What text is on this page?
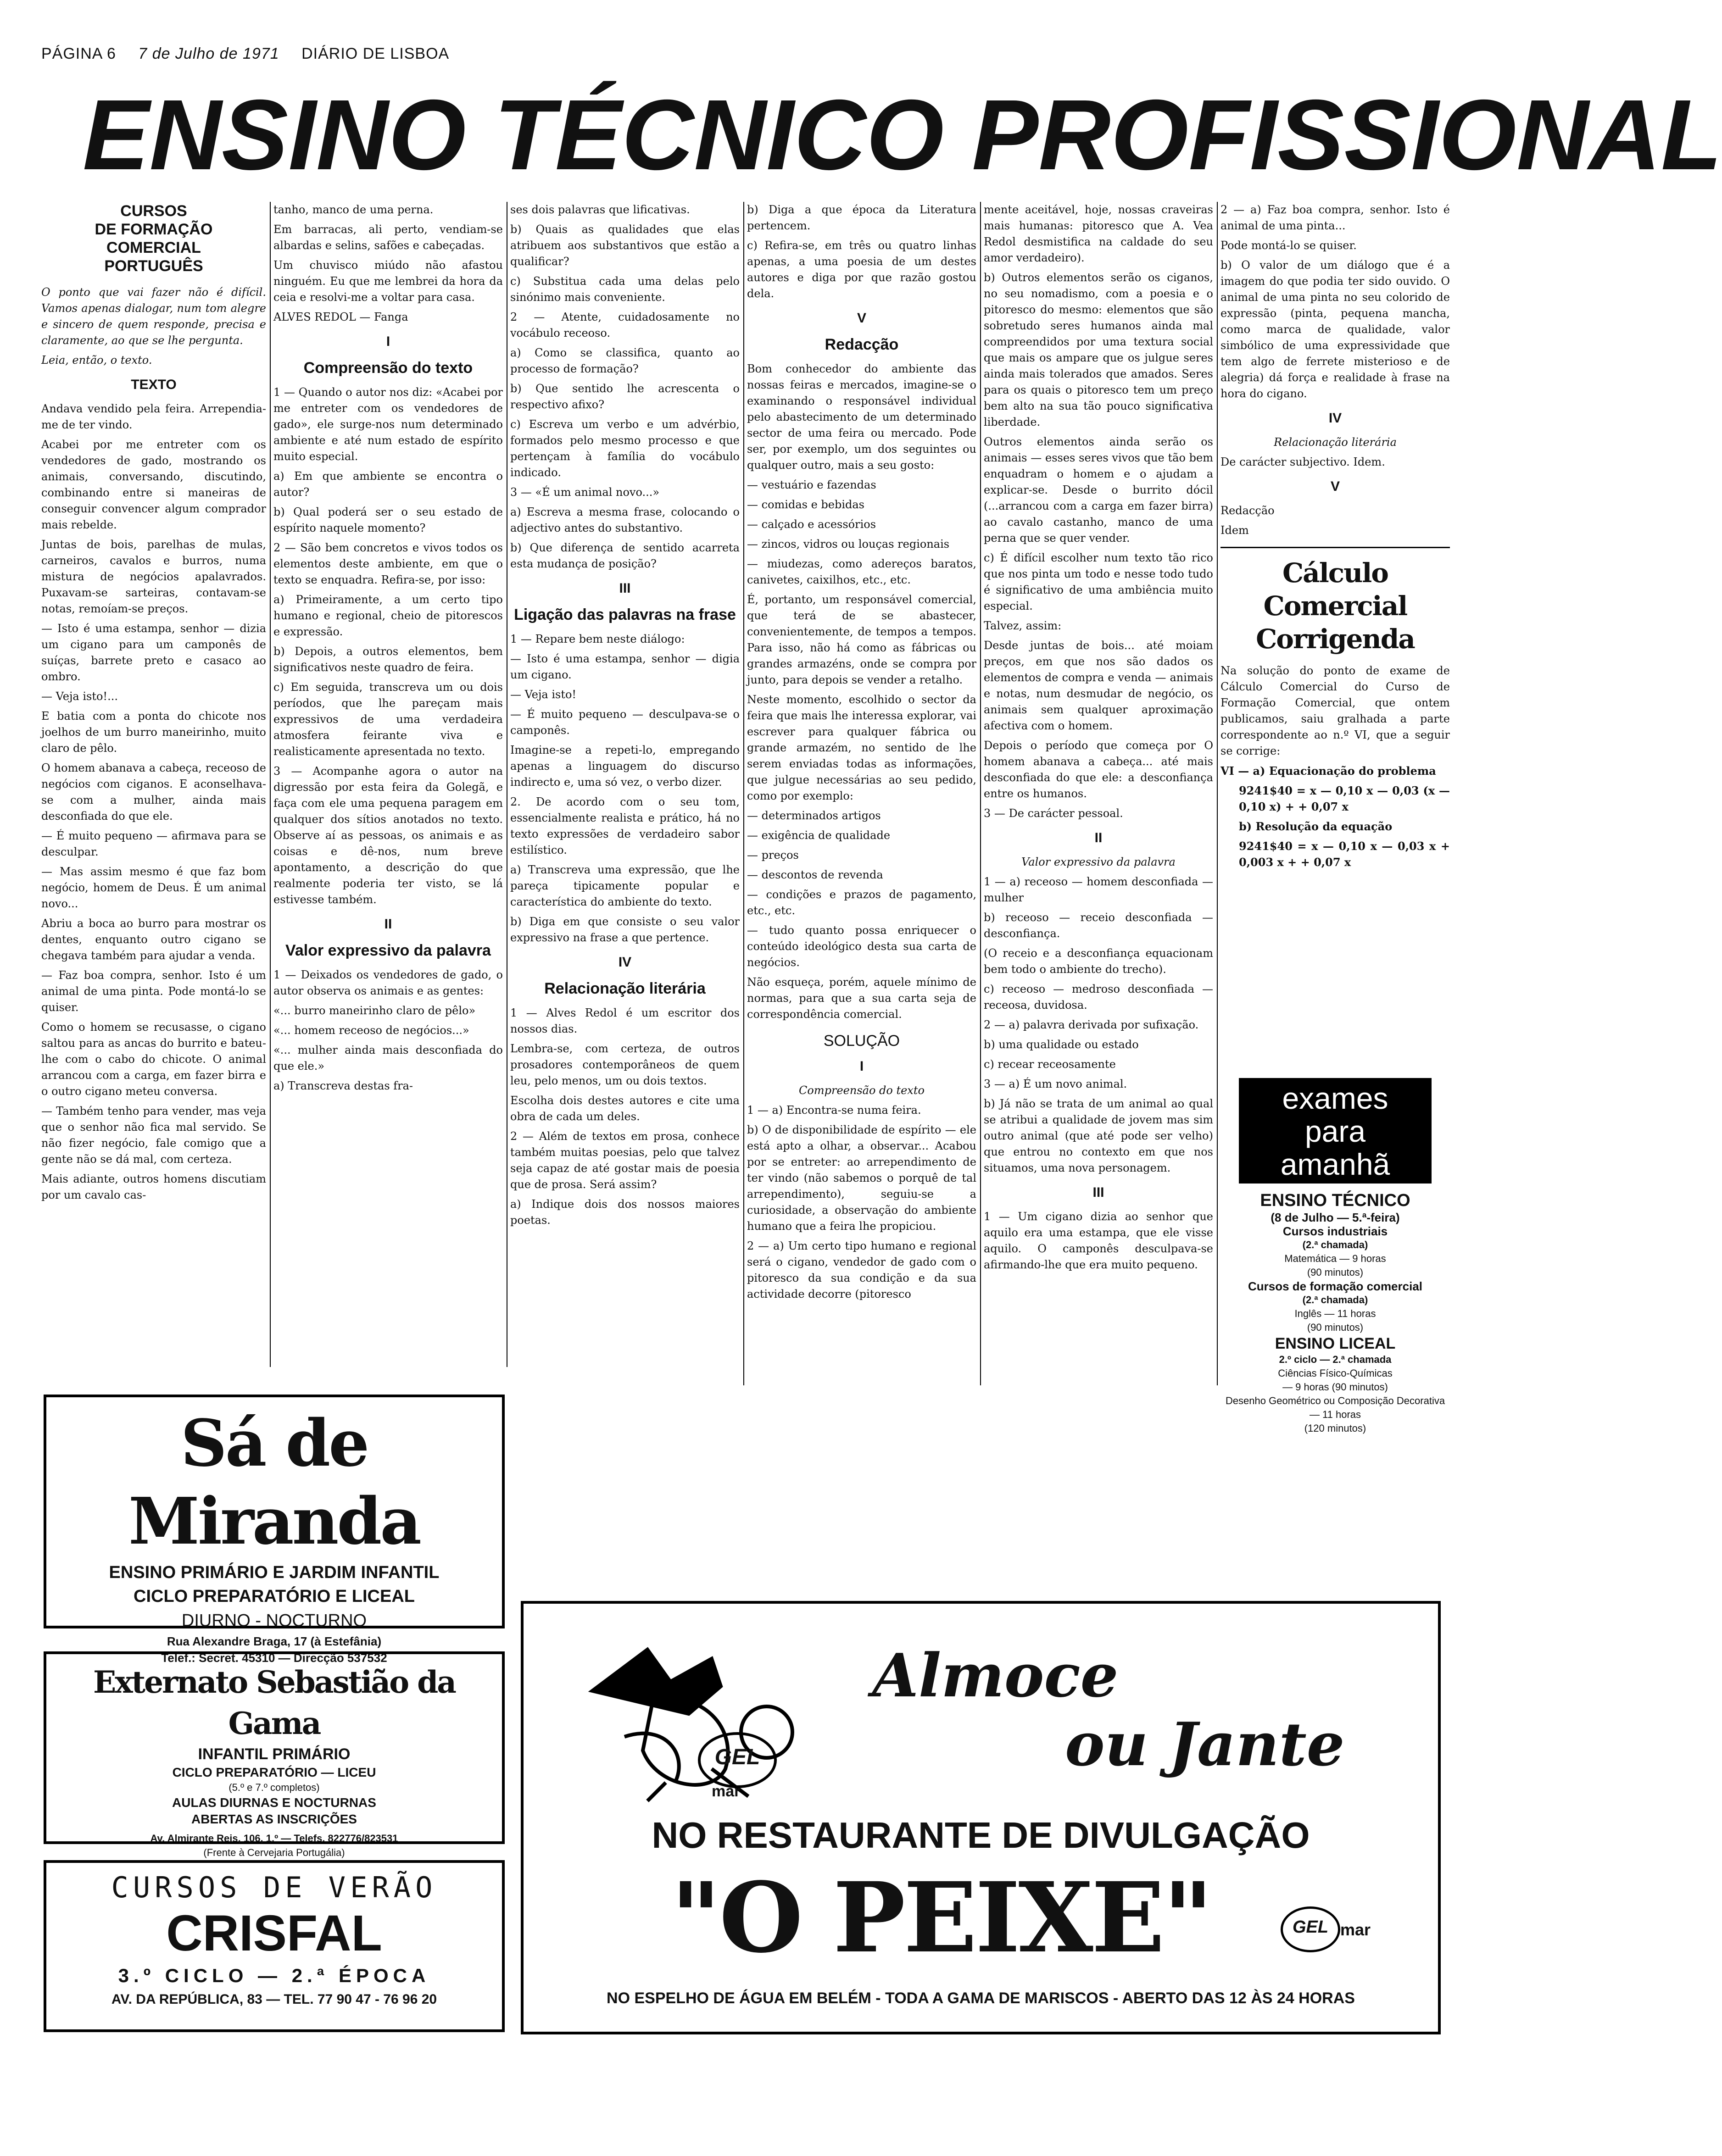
PÁGINA 6 7 de Julho de 1971 DIÁRIO DE LISBOA
ENSINO TÉCNICO PROFISSIONAL
CURSOS
DE FORMAÇÃO
COMERCIAL
PORTUGUÊS

O ponto que vai fazer não é difícil. Vamos apenas dialogar, num tom alegre e sincero de quem responde, precisa e claramente, ao que se lhe pergunta.

Leia, então, o texto.

TEXTO

Andava vendido pela feira. Arrependia-me de ter vindo.

Acabei por me entreter com os vendedores de gado, mostrando os animais, conversando, discutindo, combinando entre si maneiras de conseguir convencer algum comprador mais rebelde.

Juntas de bois, parelhas de mulas, carneiros, cavalos e burros, numa mistura de negócios apalavrados. Puxavam-se sarteiras, contavam-se notas, remoíam-se preços.

— Isto é uma estampa, senhor — dizia um cigano para um camponês de suíças, barrete preto e casaco ao ombro.

— Veja isto!...

E batia com a ponta do chicote nos joelhos de um burro maneirinho, muito claro de pêlo.

O homem abanava a cabeça, receoso de negócios com ciganos. E aconselhava-se com a mulher, ainda mais desconfiada do que ele.

— É muito pequeno — afirmava para se desculpar.

— Mas assim mesmo é que faz bom negócio, homem de Deus. É um animal novo...

Abriu a boca ao burro para mostrar os dentes, enquanto outro cigano se chegava também para ajudar a venda.

— Faz boa compra, senhor. Isto é um animal de uma pinta. Pode montá-lo se quiser.

Como o homem se recusasse, o cigano saltou para as ancas do burrito e bateu-lhe com o cabo do chicote. O animal arrancou com a carga, em fazer birra e o outro cigano meteu conversa.

— Também tenho para vender, mas veja que o senhor não fica mal servido. Se não fizer negócio, fale comigo que a gente não se dá mal, com certeza.

Mais adiante, outros homens discutiam por um cavalo cas-

tanho, manco de uma perna.

Em barracas, ali perto, vendiam-se albardas e selins, safões e cabeçadas.

Um chuvisco miúdo não afastou ninguém. Eu que me lembrei da hora da ceia e resolvi-me a voltar para casa.

ALVES REDOL — Fanga

I
Compreensão do texto

1 — Quando o autor nos diz: «Acabei por me entreter com os vendedores de gado», ele surge-nos num determinado ambiente e até num estado de espírito muito especial.

a) Em que ambiente se encontra o autor?

b) Qual poderá ser o seu estado de espírito naquele momento?

2 — São bem concretos e vivos todos os elementos deste ambiente, em que o texto se enquadra. Refira-se, por isso:

a) Primeiramente, a um certo tipo humano e regional, cheio de pitorescos e expressão.

b) Depois, a outros elementos, bem significativos neste quadro de feira.

c) Em seguida, transcreva um ou dois períodos, que lhe pareçam mais expressivos de uma verdadeira atmosfera feirante viva e realisticamente apresentada no texto.

3 — Acompanhe agora o autor na digressão por esta feira da Golegã, e faça com ele uma pequena paragem em qualquer dos sítios anotados no texto. Observe aí as pessoas, os animais e as coisas e dê-nos, num breve apontamento, a descrição do que realmente poderia ter visto, se lá estivesse também.

II
Valor expressivo da palavra

1 — Deixados os vendedores de gado, o autor observa os animais e as gentes:

«... burro maneirinho claro de pêlo»

«... homem receoso de negócios...»

«... mulher ainda mais desconfiada do que ele.»

a) Transcreva destas fra-

ses dois palavras que lificativas.

b) Quais as qualidades que elas atribuem aos substantivos que estão a qualificar?

c) Substitua cada uma delas pelo sinónimo mais conveniente.

2 — Atente, cuidadosamente no vocábulo receoso.

a) Como se classifica, quanto ao processo de formação?

b) Que sentido lhe acrescenta o respectivo afixo?

c) Escreva um verbo e um advérbio, formados pelo mesmo processo e que pertençam à família do vocábulo indicado.

3 — «É um animal novo...»

a) Escreva a mesma frase, colocando o adjectivo antes do substantivo.

b) Que diferença de sentido acarreta esta mudança de posição?

III
Ligação das palavras na frase

1 — Repare bem neste diálogo:

— Isto é uma estampa, senhor — digia um cigano.

— Veja isto!

— É muito pequeno — desculpava-se o camponês.

Imagine-se a repeti-lo, empregando apenas a linguagem do discurso indirecto e, uma só vez, o verbo dizer.

2. De acordo com o seu tom, essencialmente realista e prático, há no texto expressões de verdadeiro sabor estilístico.

a) Transcreva uma expressão, que lhe pareça tipicamente popular e característica do ambiente do texto.

b) Diga em que consiste o seu valor expressivo na frase a que pertence.

IV
Relacionação literária

1 — Alves Redol é um escritor dos nossos dias.

Lembra-se, com certeza, de outros prosadores contemporâneos de quem leu, pelo menos, um ou dois textos.

Escolha dois destes autores e cite uma obra de cada um deles.

2 — Além de textos em prosa, conhece também muitas poesias, pelo que talvez seja capaz de até gostar mais de poesia que de prosa. Será assim?

a) Indique dois dos nossos maiores poetas.

b) Diga a que época da Literatura pertencem.

c) Refira-se, em três ou quatro linhas apenas, a uma poesia de um destes autores e diga por que razão gostou dela.

V
Redacção

Bom conhecedor do ambiente das nossas feiras e mercados, imagine-se o examinando o responsável individual pelo abastecimento de um determinado sector de uma feira ou mercado. Pode ser, por exemplo, um dos seguintes ou qualquer outro, mais a seu gosto:

— vestuário e fazendas

— comidas e bebidas

— calçado e acessórios

— zincos, vidros ou louças regionais

— miudezas, como adereços baratos, canivetes, caixilhos, etc., etc.

É, portanto, um responsável comercial, que terá de se abastecer, convenientemente, de tempos a tempos. Para isso, não há como as fábricas ou grandes armazéns, onde se compra por junto, para depois se vender a retalho.

Neste momento, escolhido o sector da feira que mais lhe interessa explorar, vai escrever para qualquer fábrica ou grande armazém, no sentido de lhe serem enviadas todas as informações, que julgue necessárias ao seu pedido, como por exemplo:

— determinados artigos

— exigência de qualidade

— preços

— descontos de revenda

— condições e prazos de pagamento, etc., etc.

— tudo quanto possa enriquecer o conteúdo ideológico desta sua carta de negócios.

Não esqueça, porém, aquele mínimo de normas, para que a sua carta seja de correspondência comercial.

SOLUÇÃO
I

Compreensão do texto

1 — a) Encontra-se numa feira.

b) O de disponibilidade de espírito — ele está apto a olhar, a observar... Acabou por se entreter: ao arrependimento de ter vindo (não sabemos o porquê de tal arrependimento), seguiu-se a curiosidade, a observação do ambiente humano que a feira lhe propiciou.

2 — a) Um certo tipo humano e regional será o cigano, vendedor de gado com o pitoresco da sua condição e da sua actividade decorre (pitoresco

mente aceitável, hoje, nossas craveiras mais humanas: pitoresco que A. Vea Redol desmistifica na caldade do seu amor verdadeiro).

b) Outros elementos serão os ciganos, no seu nomadismo, com a poesia e o pitoresco do mesmo: elementos que são sobretudo seres humanos ainda mal compreendidos por uma textura social que mais os ampare que os julgue seres ainda mais tolerados que amados. Seres para os quais o pitoresco tem um preço bem alto na sua tão pouco significativa liberdade.

Outros elementos ainda serão os animais — esses seres vivos que tão bem enquadram o homem e o ajudam a explicar-se. Desde o burrito dócil (...arrancou com a carga em fazer birra) ao cavalo castanho, manco de uma perna que se quer vender.

c) É difícil escolher num texto tão rico que nos pinta um todo e nesse todo tudo é significativo de uma ambiência muito especial.

Talvez, assim:

Desde juntas de bois... até moiam preços, em que nos são dados os elementos de compra e venda — animais e notas, num desmudar de negócio, os animais sem qualquer aproximação afectiva com o homem.

Depois o período que começa por O homem abanava a cabeça... até mais desconfiada do que ele: a desconfiança entre os humanos.

3 — De carácter pessoal.

II

Valor expressivo da palavra

1 — a) receoso — homem desconfiada — mulher

b) receoso — receio desconfiada — desconfiança.

(O receio e a desconfiança equacionam bem todo o ambiente do trecho).

c) receoso — medroso desconfiada — receosa, duvidosa.

2 — a) palavra derivada por sufixação.

b) uma qualidade ou estado

c) recear receosamente

3 — a) É um novo animal.

b) Já não se trata de um animal ao qual se atribui a qualidade de jovem mas sim outro animal (que até pode ser velho) que entrou no contexto em que nos situamos, uma nova personagem.

III

1 — Um cigano dizia ao senhor que aquilo era uma estampa, que ele visse aquilo. O camponês desculpava-se afirmando-lhe que era muito pequeno.

2 — a) Faz boa compra, senhor. Isto é animal de uma pinta...

Pode montá-lo se quiser.

b) O valor de um diálogo que é a imagem do que podia ter sido ouvido. O animal de uma pinta no seu colorido de expressão (pinta, pequena mancha, como marca de qualidade, valor simbólico de uma expressividade que tem algo de ferrete misterioso e de alegria) dá força e realidade à frase na hora do cigano.

IV

Relacionação literária

De carácter subjectivo. Idem.

V

Redacção

Idem

Cálculo Comercial
Corrigenda

Na solução do ponto de exame de Cálculo Comercial do Curso de Formação Comercial, que ontem publicamos, saiu gralhada a parte correspondente ao n.º VI, que a seguir se corrige:

VI — a) Equacionação do problema

9241$40 = x — 0,10 x — 0,03 (x — 0,10 x) + + 0,07 x

b) Resolução da equação

9241$40 = x — 0,10 x — 0,03 x + 0,003 x + + 0,07 x

exames
para
amanhã
ENSINO TÉCNICO
(8 de Julho — 5.ª-feira)
Cursos industriais
(2.ª chamada)
Matemática — 9 horas
(90 minutos)
Cursos de formação comercial
(2.ª chamada)
Inglês — 11 horas
(90 minutos)
ENSINO LICEAL
2.º ciclo — 2.ª chamada
Ciências Físico-Químicas
— 9 horas (90 minutos)
Desenho Geométrico ou Composição Decorativa — 11 horas
(120 minutos)
Sá de Miranda
ENSINO PRIMÁRIO E JARDIM INFANTIL
CICLO PREPARATÓRIO E LICEAL
DIURNO - NOCTURNO
Rua Alexandre Braga, 17 (à Estefânia)
Telef.: Secret. 45310 — Direcção 537532
Externato Sebastião da Gama
INFANTIL PRIMÁRIO
CICLO PREPARATÓRIO — LICEU
(5.º e 7.º completos)
AULAS DIURNAS E NOCTURNAS
ABERTAS AS INSCRIÇÕES
Av. Almirante Reis, 106, 1.º — Telefs. 822776/823531
(Frente à Cervejaria Portugália)
CURSOS DE VERÃO
CRISFAL
3.º CICLO — 2.ª ÉPOCA
AV. DA REPÚBLICA, 83 — TEL. 77 90 47 - 76 96 20
GEL
mar
Almoce
ou Jante
NO RESTAURANTE DE DIVULGAÇÃO
"O PEIXE"	GEL mar
NO ESPELHO DE ÁGUA EM BELÉM - TODA A GAMA DE MARISCOS - ABERTO DAS 12 ÀS 24 HORAS
